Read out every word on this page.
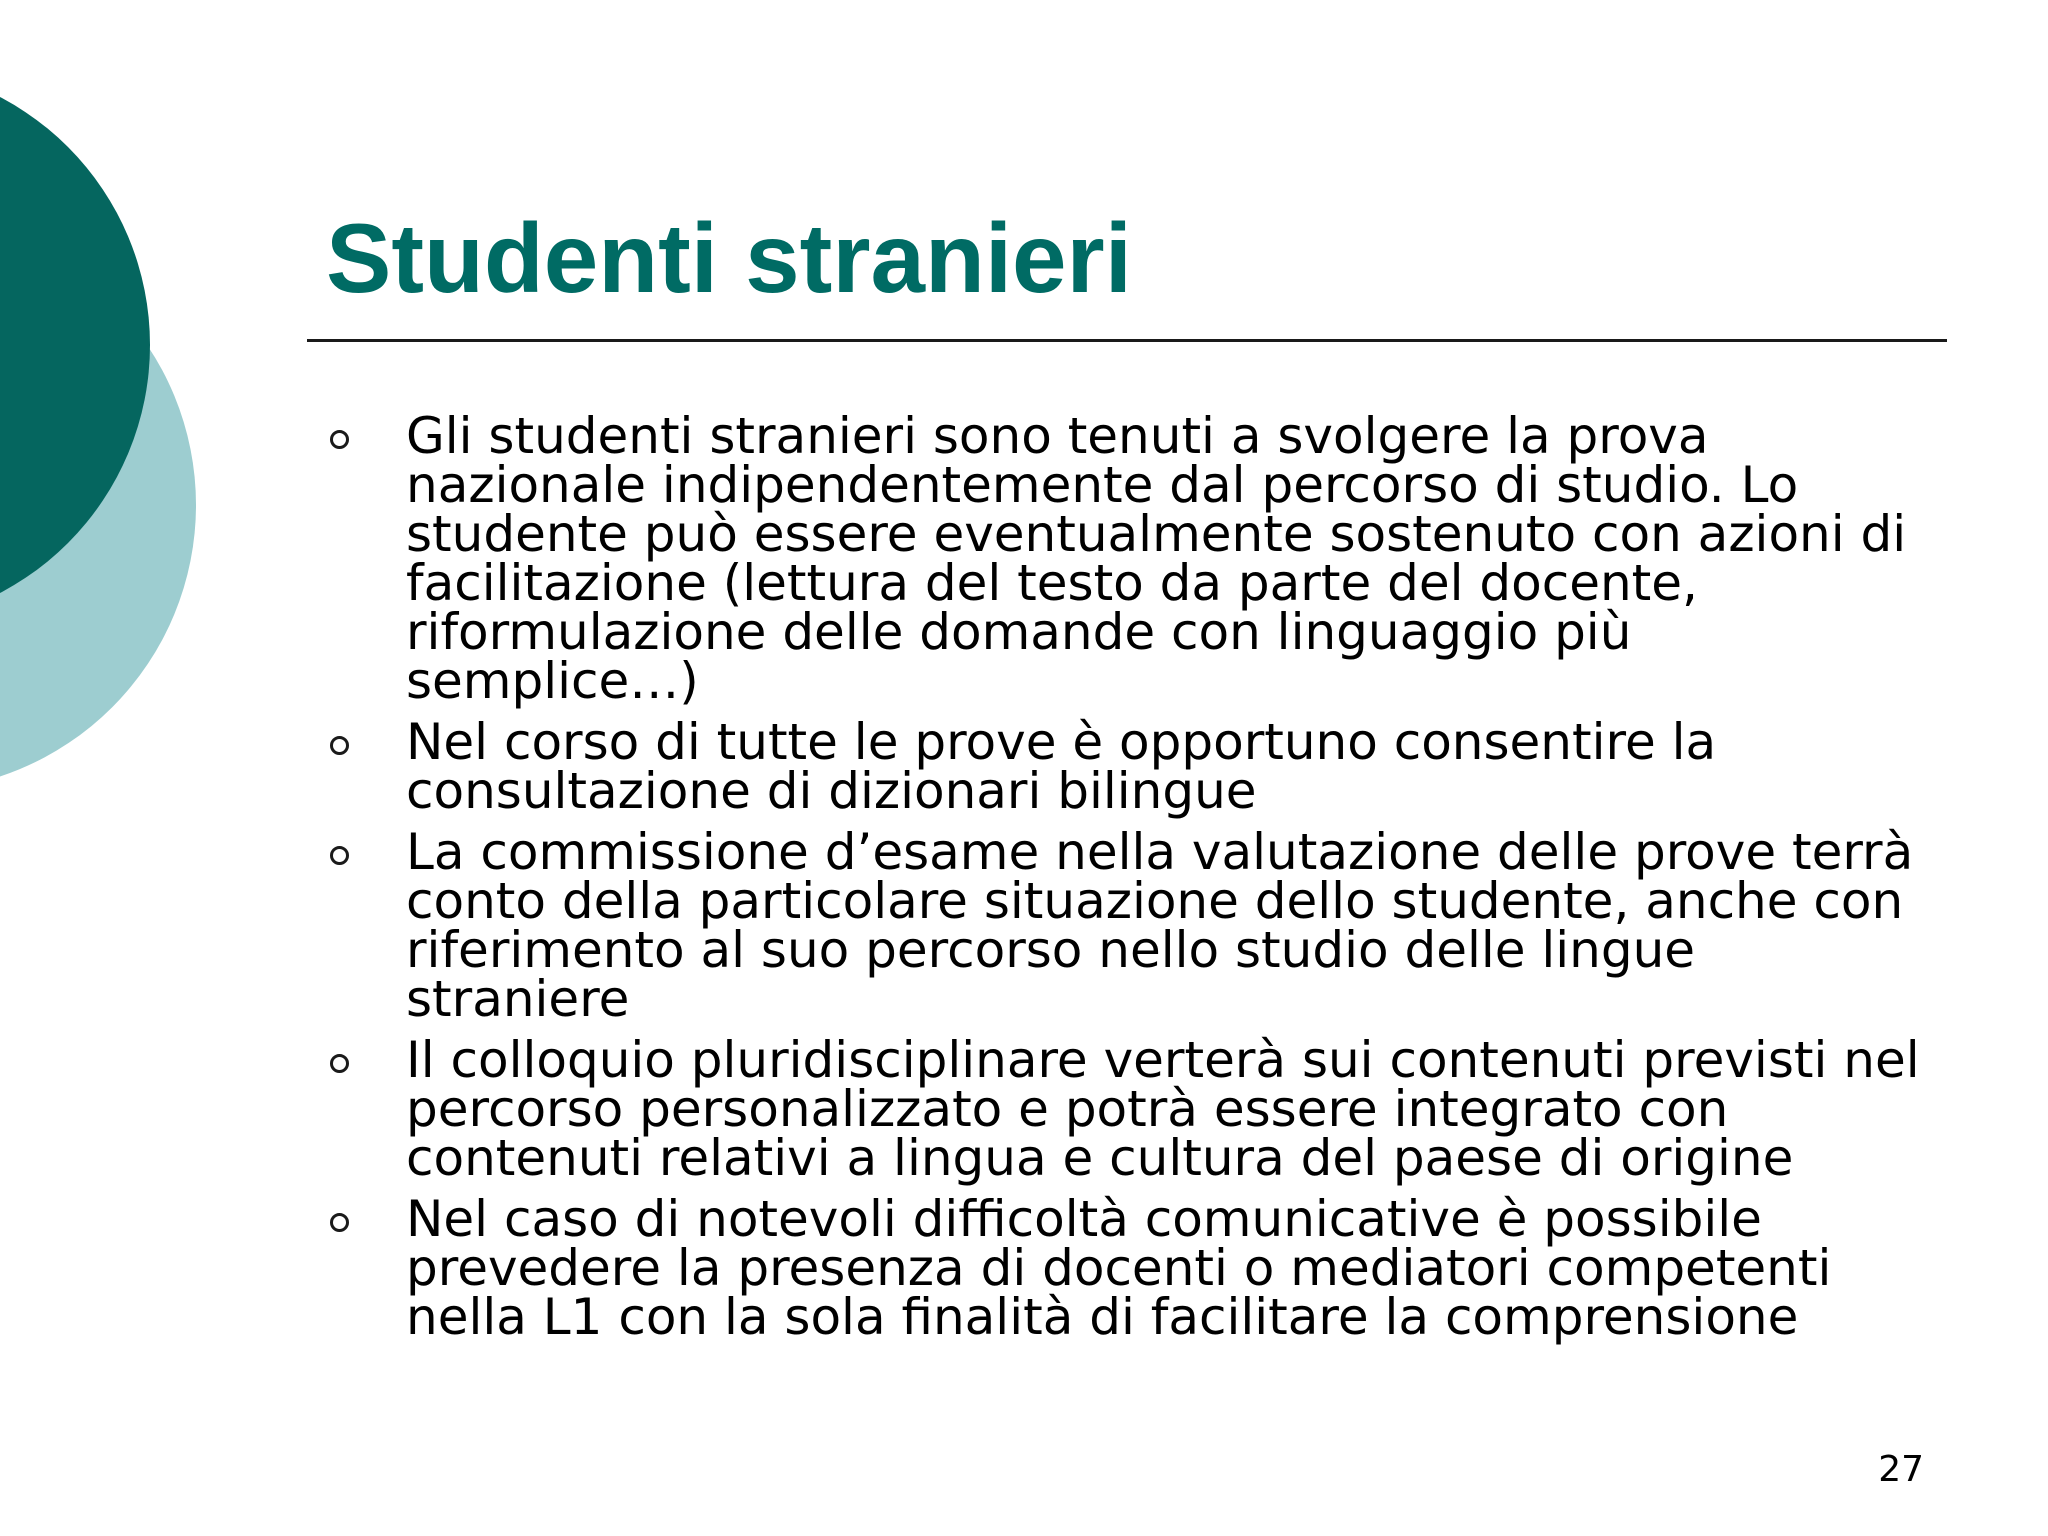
Studenti stranieri
Gli studenti stranieri sono tenuti a svolgere la prova nazionale indipendentemente dal percorso di studio. Lo studente può essere eventualmente sostenuto con azioni di facilitazione (lettura del testo da parte del docente, riformulazione delle domande con linguaggio più semplice…)
Nel corso di tutte le prove è opportuno consentire la consultazione di dizionari bilingue
La commissione d’esame nella valutazione delle prove terrà conto della particolare situazione dello studente, anche con riferimento al suo percorso nello studio delle lingue straniere
Il colloquio pluridisciplinare verterà sui contenuti previsti nel percorso personalizzato e potrà essere integrato con contenuti relativi a lingua e cultura del paese di origine
Nel caso di notevoli difficoltà comunicative è possibile prevedere la presenza di docenti o mediatori competenti nella L1 con la sola finalità di facilitare la comprensione
27
